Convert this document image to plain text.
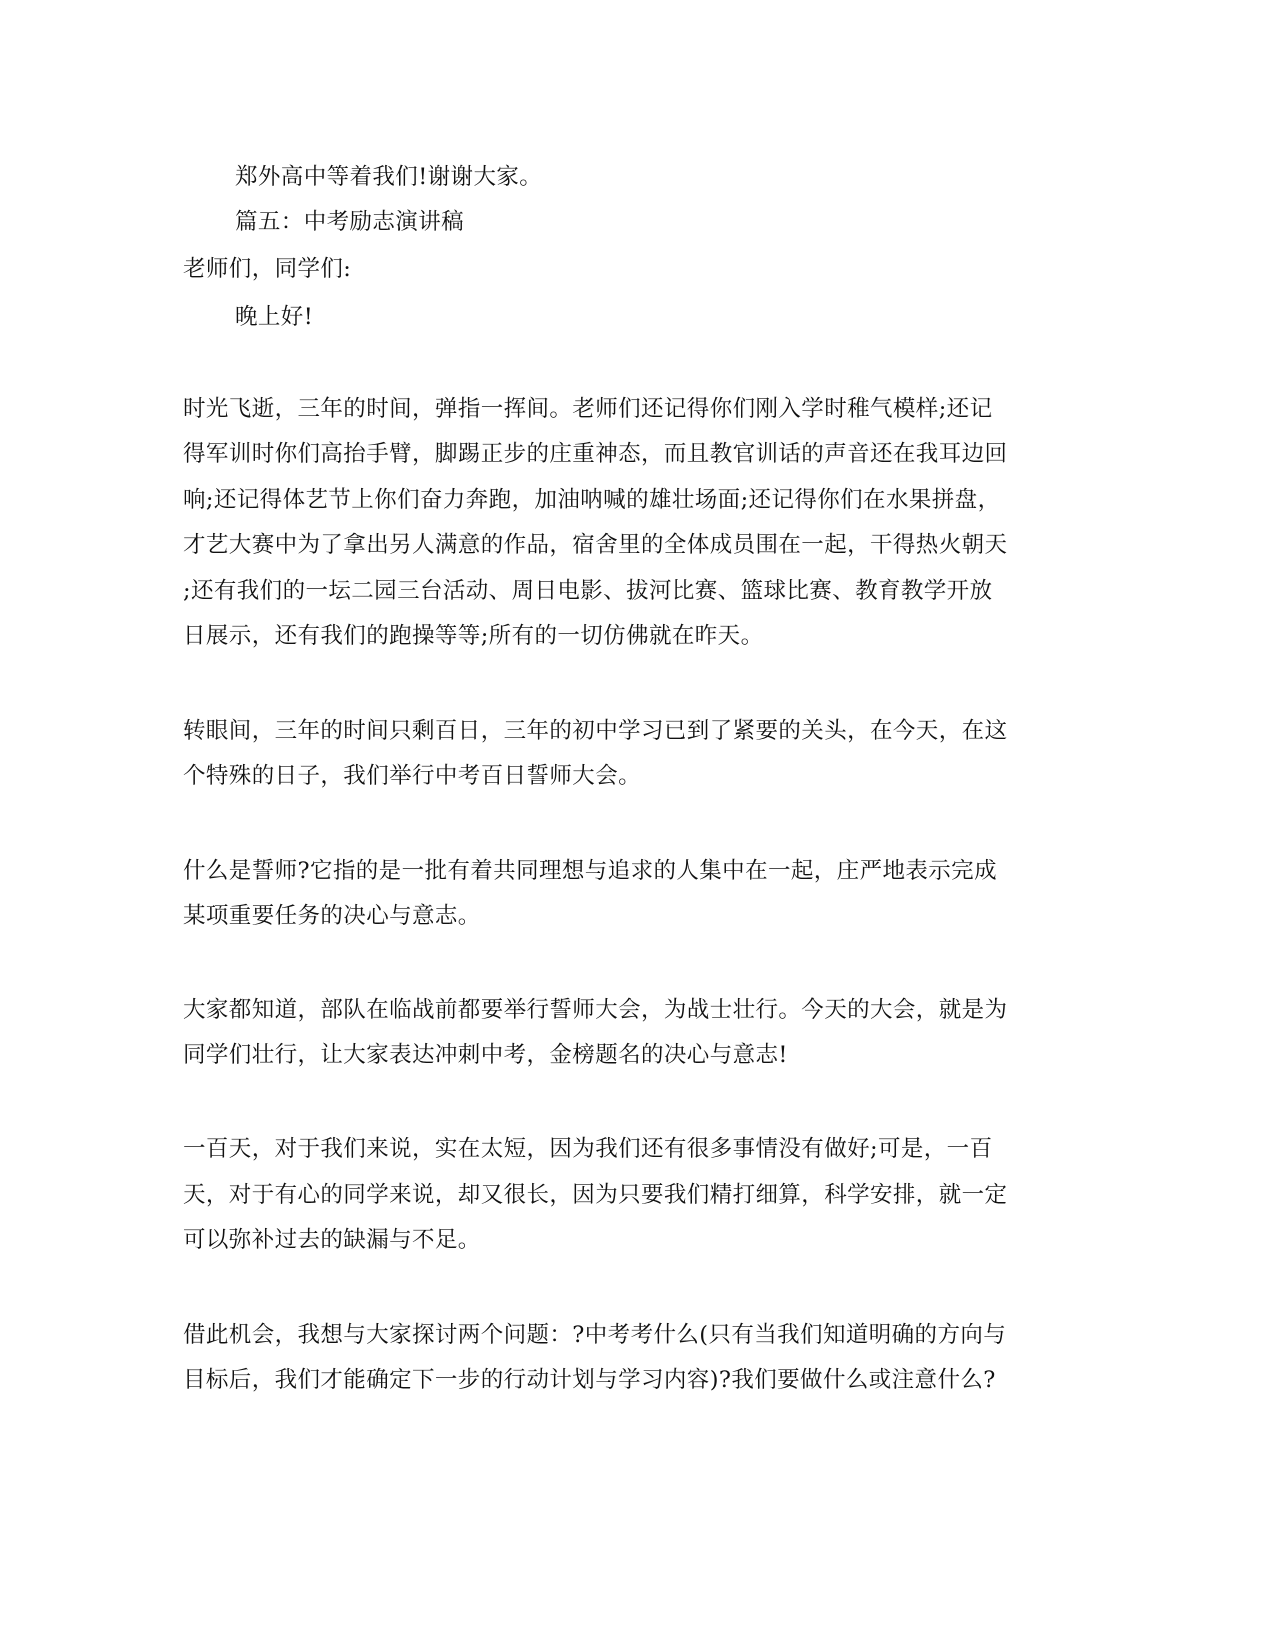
郑外高中等着我们!谢谢大家。
篇五：中考励志演讲稿
老师们，同学们:
晚上好!
时光飞逝，三年的时间，弹指一挥间。老师们还记得你们刚入学时稚气模样;还记
得军训时你们高抬手臂，脚踢正步的庄重神态，而且教官训话的声音还在我耳边回
响;还记得体艺节上你们奋力奔跑，加油呐喊的雄壮场面;还记得你们在水果拼盘，
才艺大赛中为了拿出另人满意的作品，宿舍里的全体成员围在一起，干得热火朝天
;还有我们的一坛二园三台活动、周日电影、拔河比赛、篮球比赛、教育教学开放
日展示，还有我们的跑操等等;所有的一切仿佛就在昨天。
转眼间，三年的时间只剩百日，三年的初中学习已到了紧要的关头，在今天，在这
个特殊的日子，我们举行中考百日誓师大会。
什么是誓师?它指的是一批有着共同理想与追求的人集中在一起，庄严地表示完成
某项重要任务的决心与意志。
大家都知道，部队在临战前都要举行誓师大会，为战士壮行。今天的大会，就是为
同学们壮行，让大家表达冲刺中考，金榜题名的决心与意志!
一百天，对于我们来说，实在太短，因为我们还有很多事情没有做好;可是，一百
天，对于有心的同学来说，却又很长，因为只要我们精打细算，科学安排，就一定
可以弥补过去的缺漏与不足。
借此机会，我想与大家探讨两个问题：?中考考什么(只有当我们知道明确的方向与
目标后，我们才能确定下一步的行动计划与学习内容)?我们要做什么或注意什么?
